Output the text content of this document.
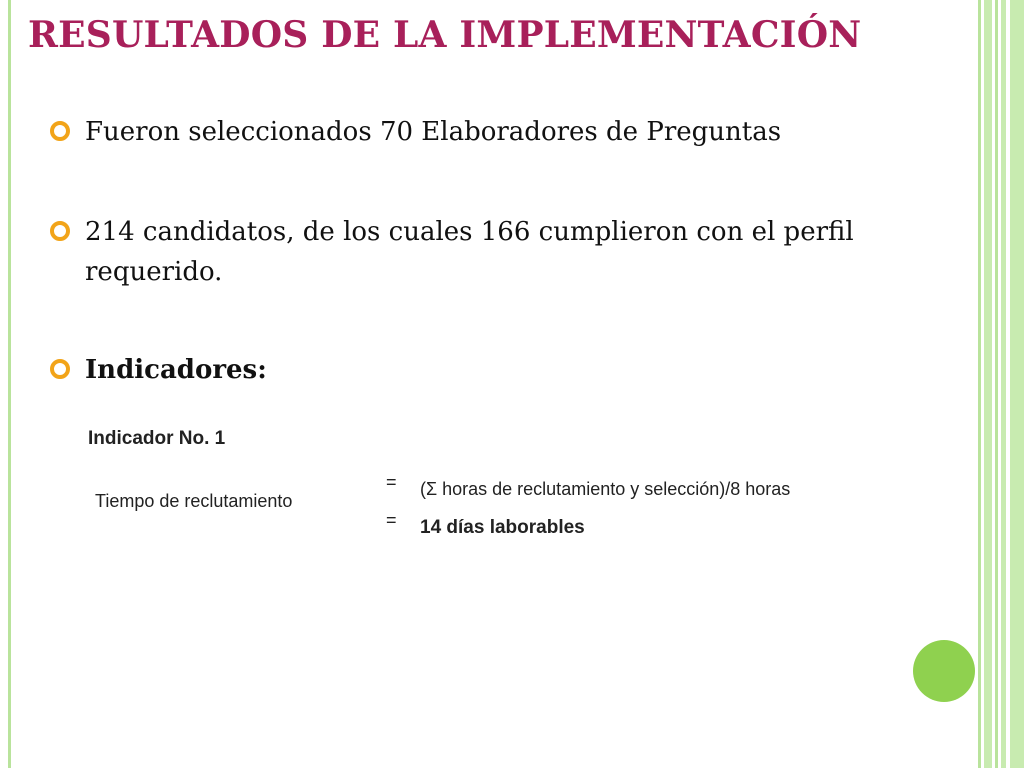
RESULTADOS DE LA IMPLEMENTACIÓN
Fueron seleccionados 70 Elaboradores de Preguntas
214 candidatos, de los cuales 166 cumplieron con el perfil requerido.
Indicadores:
Indicador No. 1
Tiempo de reclutamiento
=
=
(Σ horas de reclutamiento y selección)/8 horas
14 días laborables
